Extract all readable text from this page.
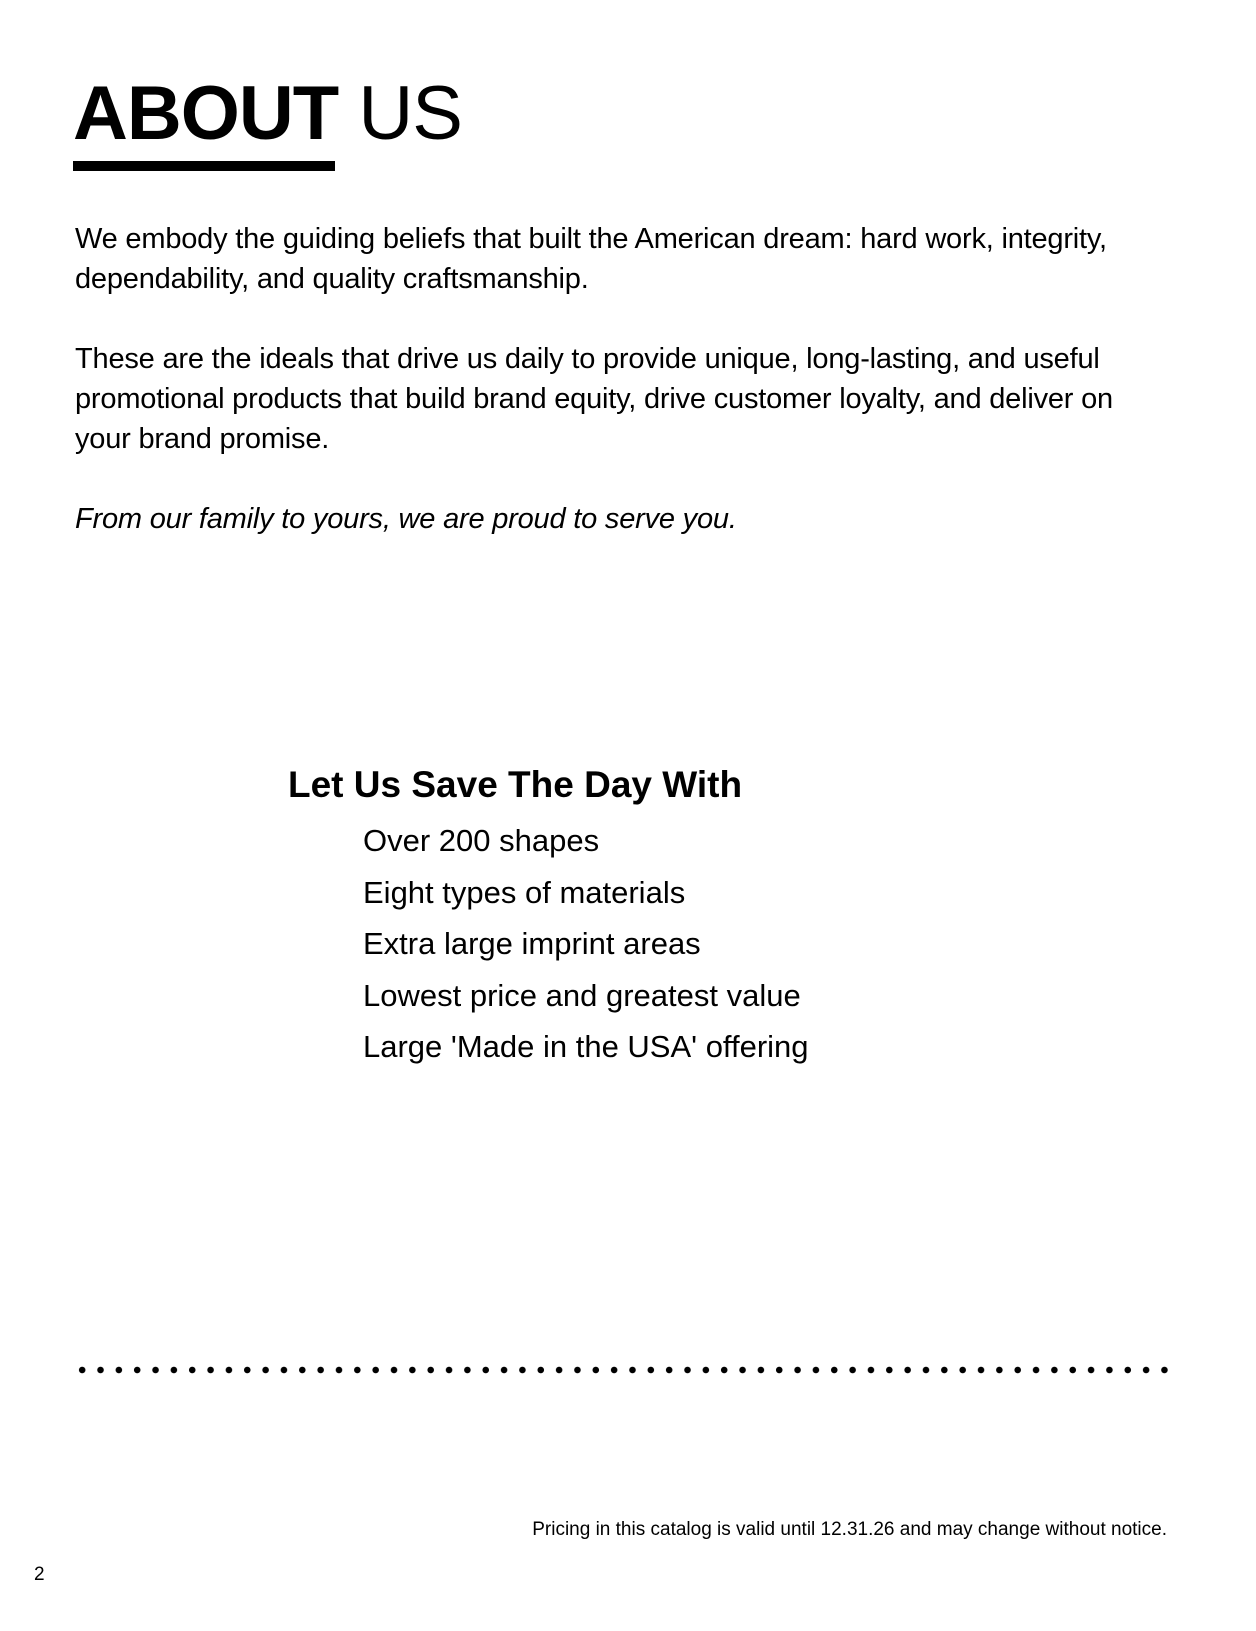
ABOUT US

We embody the guiding beliefs that built the American dream: hard work, integrity, dependability, and quality craftsmanship.

These are the ideals that drive us daily to provide unique, long-lasting, and useful promotional products that build brand equity, drive customer loyalty, and deliver on your brand promise.

From our family to yours, we are proud to serve you.

Let Us Save The Day With
Over 200 shapes
Eight types of materials
Extra large imprint areas
Lowest price and greatest value
Large 'Made in the USA' offering
Pricing in this catalog is valid until 12.31.26 and may change without notice.
2
